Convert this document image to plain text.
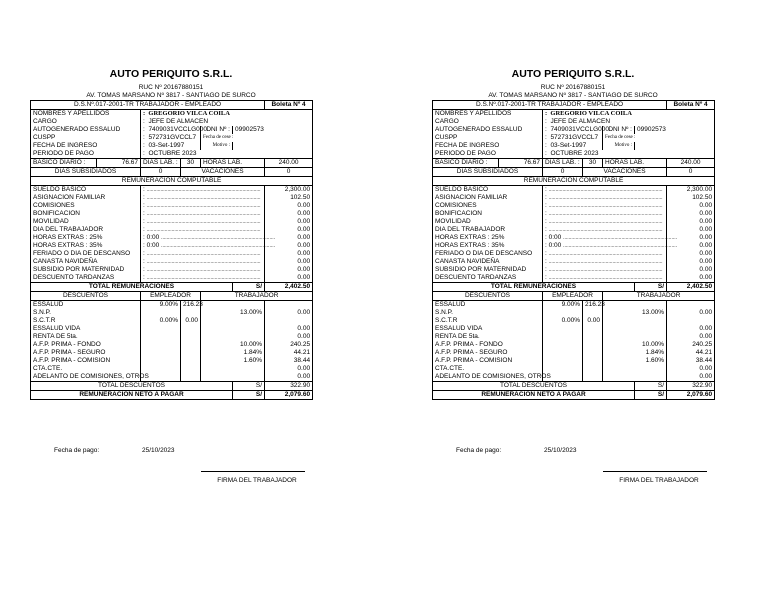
AUTO PERIQUITO S.R.L.
RUC Nº 20167880151
AV. TOMAS MARSANO Nº 3817 - SANTIAGO DE SURCO
D.S.Nº.017-2001-TR TRABAJADOR - EMPLEADO						Boleta Nº 4
NOMBRES Y APELLIDOS		: GREGORIO VILCA COILA				
CARGO		: JEFE DE ALMACEN				
AUTOGENERADO ESSALUD		: 7409031VCCLG000		DNI Nº :	09902573	
CUSPP		: 572731GVCCL7		Fecha de cese :		
FECHA DE INGRESO		: 03-Set-1997		Motivo :		
PERIODO DE PAGO		: OCTUBRE 2023				
BASICO DIARIO :	76.67	DIAS LAB. :	30	HORAS LAB.		240.00
DIAS SUBSIDIADOS		0	VACACIONES			0
REMUNERACION COMPUTABLE						
SUELDO BASICO		: ..................................................................................				2,300.00
ASIGNACION FAMILIAR		: ..................................................................................				102.50
COMISIONES		: ..................................................................................				0.00
BONIFICACION		: ..................................................................................				0.00
MOVILIDAD		: ..................................................................................				0.00
DIA DEL TRABAJADOR		: ..................................................................................				0.00
HORAS EXTRAS : 25%		: 0:00 ..................................................................................				0.00
HORAS EXTRAS : 35%		: 0:00 ..................................................................................				0.00
FERIADO O DIA DE DESCANSO		: ..................................................................................				0.00
CANASTA NAVIDEÑA		: ..................................................................................				0.00
SUBSIDIO POR MATERNIDAD		: ..................................................................................				0.00
DESCUENTO TARDANZAS		: ..................................................................................				0.00
TOTAL REMUNERACIONES					S/	2,402.50
DESCUENTOS		EMPLEADOR		TRABAJADOR		
ESSALUD		9.00%	216.23			
S.N.P.				13.00%		0.00
S.C.T.R		0.00%	0.00			
ESSALUD VIDA						0.00
RENTA DE 5ta.						0.00
A.F.P. PRIMA - FONDO				10.00%		240.25
A.F.P. PRIMA - SEGURO				1.84%		44.21
A.F.P. PRIMA - COMISION				1.60%		38.44
CTA.CTE.						0.00
ADELANTO DE COMISIONES, OTROS						0.00
TOTAL DESCUENTOS					S/	322.90
REMUNERACION NETO A PAGAR					S/	2,079.60
Fecha de pago:	25/10/2023
FIRMA DEL TRABAJADOR
AUTO PERIQUITO S.R.L.
RUC Nº 20167880151
AV. TOMAS MARSANO Nº 3817 - SANTIAGO DE SURCO
D.S.Nº.017-2001-TR TRABAJADOR - EMPLEADO						Boleta Nº 4
NOMBRES Y APELLIDOS		: GREGORIO VILCA COILA				
CARGO		: JEFE DE ALMACEN				
AUTOGENERADO ESSALUD		: 7409031VCCLG000		DNI Nº :	09902573	
CUSPP		: 572731GVCCL7		Fecha de cese :		
FECHA DE INGRESO		: 03-Set-1997		Motivo :		
PERIODO DE PAGO		: OCTUBRE 2023				
BASICO DIARIO :	76.67	DIAS LAB. :	30	HORAS LAB.		240.00
DIAS SUBSIDIADOS		0	VACACIONES			0
REMUNERACION COMPUTABLE						
SUELDO BASICO		: ..................................................................................				2,300.00
ASIGNACION FAMILIAR		: ..................................................................................				102.50
COMISIONES		: ..................................................................................				0.00
BONIFICACION		: ..................................................................................				0.00
MOVILIDAD		: ..................................................................................				0.00
DIA DEL TRABAJADOR		: ..................................................................................				0.00
HORAS EXTRAS : 25%		: 0:00 ..................................................................................				0.00
HORAS EXTRAS : 35%		: 0:00 ..................................................................................				0.00
FERIADO O DIA DE DESCANSO		: ..................................................................................				0.00
CANASTA NAVIDEÑA		: ..................................................................................				0.00
SUBSIDIO POR MATERNIDAD		: ..................................................................................				0.00
DESCUENTO TARDANZAS		: ..................................................................................				0.00
TOTAL REMUNERACIONES					S/	2,402.50
DESCUENTOS		EMPLEADOR		TRABAJADOR		
ESSALUD		9.00%	216.23			
S.N.P.				13.00%		0.00
S.C.T.R		0.00%	0.00			
ESSALUD VIDA						0.00
RENTA DE 5ta.						0.00
A.F.P. PRIMA - FONDO				10.00%		240.25
A.F.P. PRIMA - SEGURO				1.84%		44.21
A.F.P. PRIMA - COMISION				1.60%		38.44
CTA.CTE.						0.00
ADELANTO DE COMISIONES, OTROS						0.00
TOTAL DESCUENTOS					S/	322.90
REMUNERACION NETO A PAGAR					S/	2,079.60
Fecha de pago:	25/10/2023
FIRMA DEL TRABAJADOR
